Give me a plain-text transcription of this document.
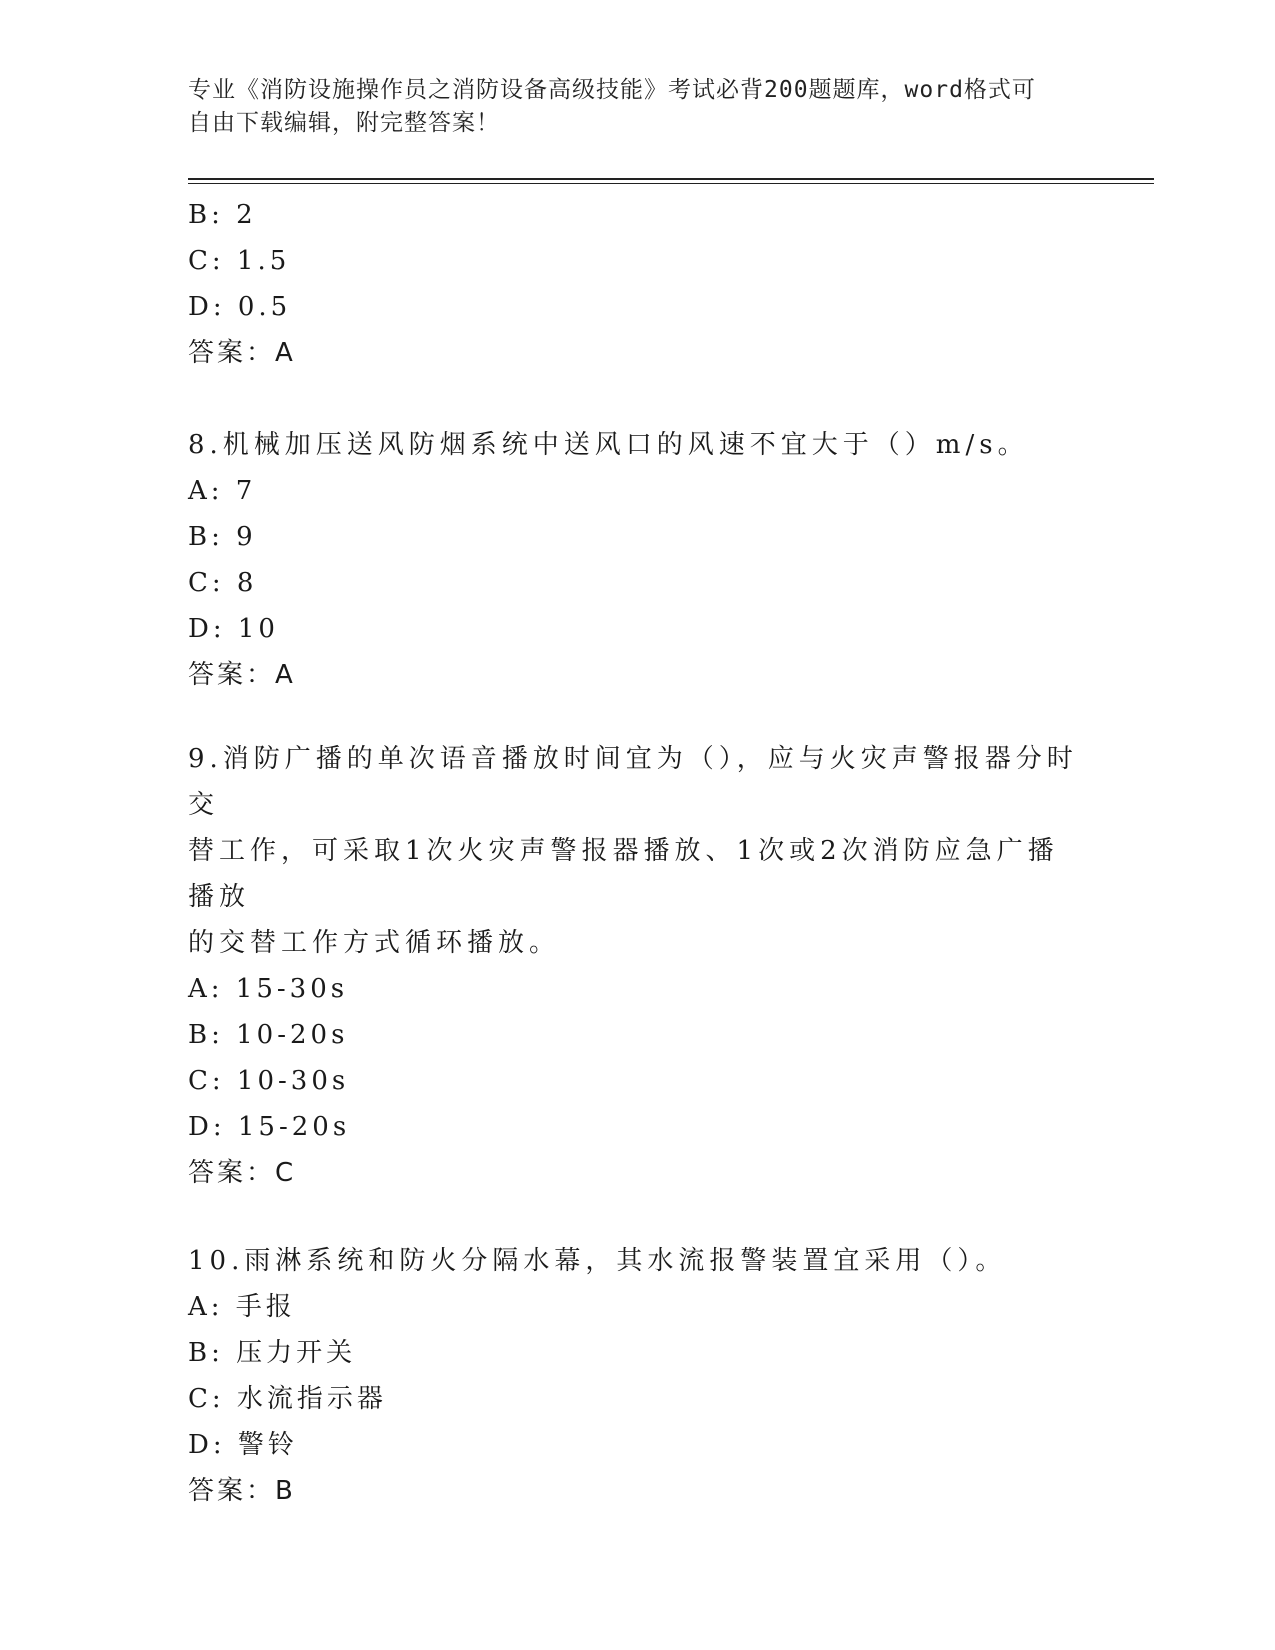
专业《消防设施操作员之消防设备高级技能》考试必背200题题库，word格式可
自由下载编辑，附完整答案！
B: 2
C: 1.5
D: 0.5
答案：A
8.机械加压送风防烟系统中送风口的风速不宜大于（）m/s。
A: 7
B: 9
C: 8
D: 10
答案：A
9.消防广播的单次语音播放时间宜为（），应与火灾声警报器分时交
替工作，可采取1次火灾声警报器播放、1次或2次消防应急广播播放
的交替工作方式循环播放。
A: 15-30s
B: 10-20s
C: 10-30s
D: 15-20s
答案：C
10.雨淋系统和防火分隔水幕，其水流报警装置宜采用（）。
A: 手报
B: 压力开关
C: 水流指示器
D: 警铃
答案：B
